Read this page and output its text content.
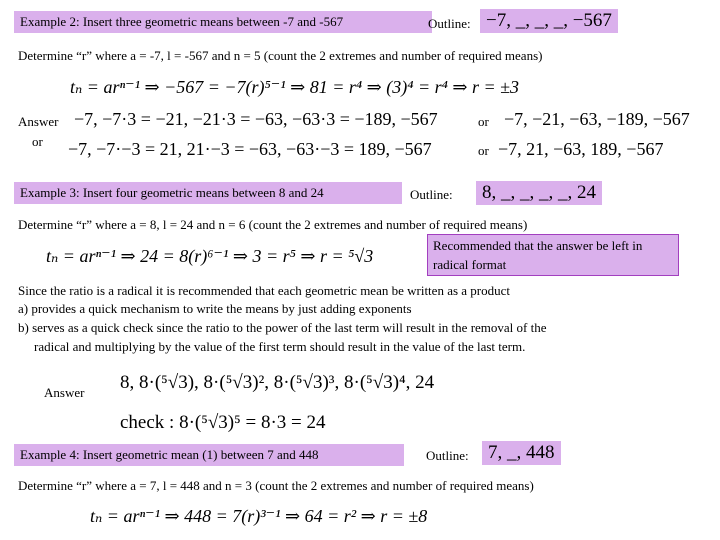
Example 2: Insert three geometric means between -7 and -567	Outline: −7, _, _, _, −567
Determine “r” where a = -7, l = -567 and n = 5 (count the 2 extremes and number of required means)
tₙ = arⁿ⁻¹ ⇒ −567 = −7(r)⁵⁻¹ ⇒ 81 = r⁴ ⇒ (3)⁴ = r⁴ ⇒ r = ±3
Answer −7, −7·3 = −21, −21·3 = −63, −63·3 = −189, −567	or −7, −21, −63, −189, −567
or −7, −7·−3 = 21, 21·−3 = −63, −63·−3 = 189, −567	or −7, 21, −63, 189, −567
Example 3: Insert four geometric means between 8 and 24	Outline:	8, _, _, _, _, 24
Determine “r” where a = 8, l = 24 and n = 6 (count the 2 extremes and number of required means)
tₙ = arⁿ⁻¹ ⇒ 24 = 8(r)⁶⁻¹ ⇒ 3 = r⁵ ⇒ r = ⁵√3
Recommended that the answer be left in radical format
Since the ratio is a radical it is recommended that each geometric mean be written as a product
a) provides a quick mechanism to write the means by just adding exponents
b) serves as a quick check since the ratio to the power of the last term will result in the removal of the
radical and multiplying by the value of the first term should result in the value of the last term.
Answer 8, 8·(⁵√3), 8·(⁵√3)², 8·(⁵√3)³, 8·(⁵√3)⁴, 24
check : 8·(⁵√3)⁵ = 8·3 = 24
Example 4: Insert geometric mean (1) between 7 and 448	Outline:	7, _, 448
Determine “r” where a = 7, l = 448 and n = 3 (count the 2 extremes and number of required means)
tₙ = arⁿ⁻¹ ⇒ 448 = 7(r)³⁻¹ ⇒ 64 = r² ⇒ r = ±8
